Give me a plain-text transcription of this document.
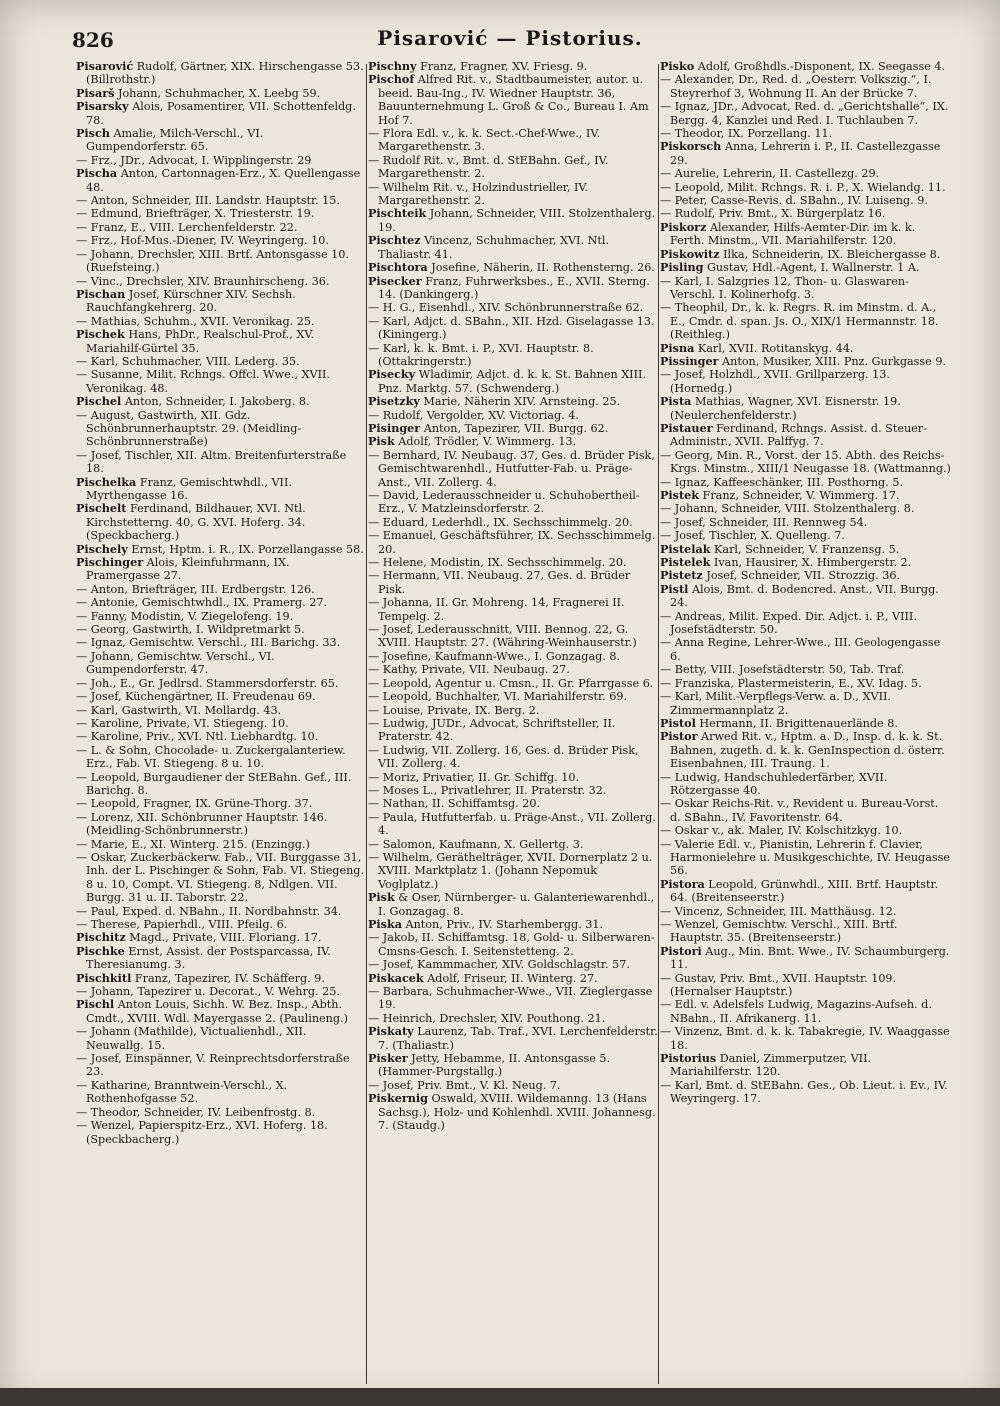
826	Pisarović — Pistorius.

Pisarović Rudolf, Gärtner, XIX. Hirschengasse 53. (Billrothstr.)

Pisarš Johann, Schuhmacher, X. Leebg 59.

Pisarsky Alois, Posamentirer, VII. Schottenfeldg. 78.

Pisch Amalie, Milch-Verschl., VI. Gumpendorferstr. 65.

— Frz., JDr., Advocat, I. Wipplingerstr. 29

Pischa Anton, Cartonnagen-Erz., X. Quellengasse 48.

— Anton, Schneider, III. Landstr. Hauptstr. 15.

— Edmund, Briefträger, X. Triesterstr. 19.

— Franz, E., VIII. Lerchenfelderstr. 22.

— Frz., Hof-Mus.-Diener, IV. Weyringerg. 10.

— Johann, Drechsler, XIII. Brtf. Antonsgasse 10. (Ruefsteing.)

— Vinc., Drechsler, XIV. Braunhirscheng. 36.

Pischan Josef, Kürschner XIV. Sechsh. Rauchfangkehrerg. 20.

— Mathias, Schuhm., XVII. Veronikag. 25.

Pischek Hans, PhDr., Realschul-Prof., XV. Mariahilf-Gürtel 35.

— Karl, Schuhmacher, VIII. Lederg. 35.

— Susanne, Milit. Rchngs. Offcl. Wwe., XVII. Veronikag. 48.

Pischel Anton, Schneider, I. Jakoberg. 8.

— August, Gastwirth, XII. Gdz. Schönbrunnerhauptstr. 29. (Meidling-Schönbrunnerstraße)

— Josef, Tischler, XII. Altm. Breitenfurterstraße 18.

Pischelka Franz, Gemischtwhdl., VII. Myrthengasse 16.

Pischelt Ferdinand, Bildhauer, XVI. Ntl. Kirchstetterng. 40, G. XVI. Hoferg. 34. (Speckbacherg.)

Pischely Ernst, Hptm. i. R., IX. Porzellangasse 58.

Pischinger Alois, Kleinfuhrmann, IX. Pramergasse 27.

— Anton, Briefträger, III. Erdbergstr. 126.

— Antonie, Gemischtwhdl., IX. Pramerg. 27.

— Fanny, Modistin, V. Ziegelofeng. 19.

— Georg, Gastwirth, I. Wildpretmarkt 5.

— Ignaz, Gemischtw. Verschl., III. Barichg. 33.

— Johann, Gemischtw. Verschl., VI. Gumpendorferstr. 47.

— Joh., E., Gr. Jedlrsd. Stammersdorferstr. 65.

— Josef, Küchengärtner, II. Freudenau 69.

— Karl, Gastwirth, VI. Mollardg. 43.

— Karoline, Private, VI. Stiegeng. 10.

— Karoline, Priv., XVI. Ntl. Liebhardtg. 10.

— L. & Sohn, Chocolade- u. Zuckergalanteriew. Erz., Fab. VI. Stiegeng. 8 u. 10.

— Leopold, Burgaudiener der StEBahn. Gef., III. Barichg. 8.

— Leopold, Fragner, IX. Grüne-Thorg. 37.

— Lorenz, XII. Schönbrunner Hauptstr. 146. (Meidling-Schönbrunnerstr.)

— Marie, E., XI. Winterg. 215. (Enzingg.)

— Oskar, Zuckerbäckerw. Fab., VII. Burggasse 31, Inh. der L. Pischinger & Sohn, Fab. VI. Stiegeng. 8 u. 10, Compt. VI. Stiegeng. 8, Ndlgen. VII. Burgg. 31 u. II. Taborstr. 22.

— Paul, Exped. d. NBahn., II. Nordbahnstr. 34.

— Therese, Papierhdl., VIII. Pfeilg. 6.

Pischitz Magd., Private, VIII. Floriang. 17.

Pischke Ernst, Assist. der Postsparcassa, IV. Theresianumg. 3.

Pischkitl Franz, Tapezirer, IV. Schäfferg. 9.

— Johann, Tapezirer u. Decorat., V. Wehrg. 25.

Pischl Anton Louis, Sichh. W. Bez. Insp., Abth. Cmdt., XVIII. Wdl. Mayergasse 2. (Paulineng.)

— Johann (Mathilde), Victualienhdl., XII. Neuwallg. 15.

— Josef, Einspänner, V. Reinprechtsdorferstraße 23.

— Katharine, Branntwein-Verschl., X. Rothenhofgasse 52.

— Theodor, Schneider, IV. Leibenfrostg. 8.

— Wenzel, Papierspitz-Erz., XVI. Hoferg. 18. (Speckbacherg.)

Pischny Franz, Fragner, XV. Friesg. 9.

Pischof Alfred Rit. v., Stadtbaumeister, autor. u. beeid. Bau-Ing., IV. Wiedner Hauptstr. 36, Bauunternehmung L. Groß & Co., Bureau I. Am Hof 7.

— Flora Edl. v., k. k. Sect.-Chef-Wwe., IV. Margarethenstr. 3.

— Rudolf Rit. v., Bmt. d. StEBahn. Gef., IV. Margarethenstr. 2.

— Wilhelm Rit. v., Holzindustrieller, IV. Margarethenstr. 2.

Pischteik Johann, Schneider, VIII. Stolzenthalerg. 19.

Pischtez Vincenz, Schuhmacher, XVI. Ntl. Thaliastr. 41.

Pischtora Josefine, Näherin, II. Rothensterng. 26.

Pisecker Franz, Fuhrwerksbes., E., XVII. Sterng. 14. (Dankingerg.)

— H. G., Eisenhdl., XIV. Schönbrunnerstraße 62.

— Karl, Adjct. d. SBahn., XII. Hzd. Giselagasse 13. (Kiningerg.)

— Karl, k. k. Bmt. i. P., XVI. Hauptstr. 8. (Ottakringerstr.)

Pisecky Wladimir, Adjct. d. k. k. St. Bahnen XIII. Pnz. Marktg. 57. (Schwenderg.)

Pisetzky Marie, Näherin XIV. Arnsteing. 25.

— Rudolf, Vergolder, XV. Victoriag. 4.

Pisinger Anton, Tapezirer, VII. Burgg. 62.

Pisk Adolf, Trödler, V. Wimmerg. 13.

— Bernhard, IV. Neubaug. 37, Ges. d. Brüder Pisk, Gemischtwarenhdl., Hutfutter-Fab. u. Präge-Anst., VII. Zollerg. 4.

— David, Lederausschneider u. Schuhobertheil-Erz., V. Matzleinsdorferstr. 2.

— Eduard, Lederhdl., IX. Sechsschimmelg. 20.

— Emanuel, Geschäftsführer, IX. Sechsschimmelg. 20.

— Helene, Modistin, IX. Sechsschimmelg. 20.

— Hermann, VII. Neubaug. 27, Ges. d. Brüder Pisk.

— Johanna, II. Gr. Mohreng. 14, Fragnerei II. Tempelg. 2.

— Josef, Lederausschnitt, VIII. Bennog. 22, G. XVIII. Hauptstr. 27. (Währing-Weinhauserstr.)

— Josefine, Kaufmann-Wwe., I. Gonzagag. 8.

— Kathy, Private, VII. Neubaug. 27.

— Leopold, Agentur u. Cmsn., II. Gr. Pfarrgasse 6.

— Leopold, Buchhalter, VI. Mariahilferstr. 69.

— Louise, Private, IX. Berg. 2.

— Ludwig, JUDr., Advocat, Schriftsteller, II. Praterstr. 42.

— Ludwig, VII. Zollerg. 16, Ges. d. Brüder Pisk, VII. Zollerg. 4.

— Moriz, Privatier, II. Gr. Schiffg. 10.

— Moses L., Privatlehrer, II. Praterstr. 32.

— Nathan, II. Schiffamtsg. 20.

— Paula, Hutfutterfab. u. Präge-Anst., VII. Zollerg. 4.

— Salomon, Kaufmann, X. Gellertg. 3.

— Wilhelm, Geräthelträger, XVII. Dornerplatz 2 u. XVIII. Marktplatz 1. (Johann Nepomuk Voglplatz.)

Pisk & Oser, Nürnberger- u. Galanteriewarenhdl., I. Gonzagag. 8.

Piska Anton, Priv., IV. Starhembergg. 31.

— Jakob, II. Schiffamtsg. 18, Gold- u. Silberwaren-Cmsns-Gesch. I. Seitenstetteng. 2.

— Josef, Kammmacher, XIV. Goldschlagstr. 57.

Piskacek Adolf, Friseur, II. Winterg. 27.

— Barbara, Schuhmacher-Wwe., VII. Zieglergasse 19.

— Heinrich, Drechsler, XIV. Pouthong. 21.

Piskaty Laurenz, Tab. Traf., XVI. Lerchenfelderstr. 7. (Thaliastr.)

Pisker Jetty, Hebamme, II. Antonsgasse 5. (Hammer-Purgstallg.)

— Josef, Priv. Bmt., V. Kl. Neug. 7.

Piskernig Oswald, XVIII. Wildemanng. 13 (Hans Sachsg.), Holz- und Kohlenhdl. XVIII. Johannesg. 7. (Staudg.)

Pisko Adolf, Großhdls.-Disponent, IX. Seegasse 4.

— Alexander, Dr., Red. d. „Oesterr. Volkszig.“, I. Steyrerhof 3, Wohnung II. An der Brücke 7.

— Ignaz, JDr., Advocat, Red. d. „Gerichtshalle“, IX. Bergg. 4, Kanzlei und Red. I. Tuchlauben 7.

— Theodor, IX. Porzellang. 11.

Piskorsch Anna, Lehrerin i. P., II. Castellezgasse 29.

— Aurelie, Lehrerin, II. Castellezg. 29.

— Leopold, Milit. Rchngs. R. i. P., X. Wielandg. 11.

— Peter, Casse-Revis. d. SBahn., IV. Luiseng. 9.

— Rudolf, Priv. Bmt., X. Bürgerplatz 16.

Piskorz Alexander, Hilfs-Aemter-Dir. im k. k. Ferth. Minstm., VII. Mariahilferstr. 120.

Piskowitz Ilka, Schneiderin, IX. Bleichergasse 8.

Pisling Gustav, Hdl.-Agent, I. Wallnerstr. 1 A.

— Karl, I. Salzgries 12, Thon- u. Glaswaren-Verschl. I. Kolinerhofg. 3.

— Theophil, Dr., k. k. Regrs. R. im Minstm. d. A., E., Cmdr. d. span. Js. O., XIX/1 Hermannstr. 18. (Reithleg.)

Pisna Karl, XVII. Rotitanskyg. 44.

Pissinger Anton, Musiker, XIII. Pnz. Gurkgasse 9.

— Josef, Holzhdl., XVII. Grillparzerg. 13. (Hornedg.)

Pista Mathias, Wagner, XVI. Eisnerstr. 19. (Neulerchenfelderstr.)

Pistauer Ferdinand, Rchngs. Assist. d. Steuer-Administr., XVII. Palffyg. 7.

— Georg, Min. R., Vorst. der 15. Abth. des Reichs-Krgs. Minstm., XIII/1 Neugasse 18. (Wattmanng.)

— Ignaz, Kaffeeschänker, III. Posthorng. 5.

Pistek Franz, Schneider, V. Wimmerg. 17.

— Johann, Schneider, VIII. Stolzenthalerg. 8.

— Josef, Schneider, III. Rennweg 54.

— Josef, Tischler, X. Quelleng. 7.

Pistelak Karl, Schneider, V. Franzensg. 5.

Pistelek Ivan, Hausirer, X. Himbergerstr. 2.

Pistetz Josef, Schneider, VII. Strozzig. 36.

Pistl Alois, Bmt. d. Bodencred. Anst., VII. Burgg. 24.

— Andreas, Milit. Exped. Dir. Adjct. i. P., VIII. Josefstädterstr. 50.

— Anna Regine, Lehrer-Wwe., III. Geologengasse 6.

— Betty, VIII. Josefstädterstr. 50, Tab. Traf.

— Franziska, Plastermeisterin, E., XV. Idag. 5.

— Karl, Milit.-Verpflegs-Verw. a. D., XVII. Zimmermannplatz 2.

Pistol Hermann, II. Brigittenauerlände 8.

Pistor Arwed Rit. v., Hptm. a. D., Insp. d. k. k. St. Bahnen, zugeth. d. k. k. GenInspection d. österr. Eisenbahnen, III. Traung. 1.

— Ludwig, Handschuhlederfärber, XVII. Rötzergasse 40.

— Oskar Reichs-Rit. v., Revident u. Bureau-Vorst. d. SBahn., IV. Favoritenstr. 64.

— Oskar v., ak. Maler, IV. Kolschitzkyg. 10.

— Valerie Edl. v., Pianistin, Lehrerin f. Clavier, Harmonielehre u. Musikgeschichte, IV. Heugasse 56.

Pistora Leopold, Grünwhdl., XIII. Brtf. Hauptstr. 64. (Breitenseerstr.)

— Vincenz, Schneider, III. Matthäusg. 12.

— Wenzel, Gemischtw. Verschl., XIII. Brtf. Hauptstr. 35. (Breitenseerstr.)

Pistori Aug., Min. Bmt. Wwe., IV. Schaumburgerg. 11.

— Gustav, Priv. Bmt., XVII. Hauptstr. 109. (Hernalser Hauptstr.)

— Edl. v. Adelsfels Ludwig, Magazins-Aufseh. d. NBahn., II. Afrikanerg. 11.

— Vinzenz, Bmt. d. k. k. Tabakregie, IV. Waaggasse 18.

Pistorius Daniel, Zimmerputzer, VII. Mariahilferstr. 120.

— Karl, Bmt. d. StEBahn. Ges., Ob. Lieut. i. Ev., IV. Weyringerg. 17.
